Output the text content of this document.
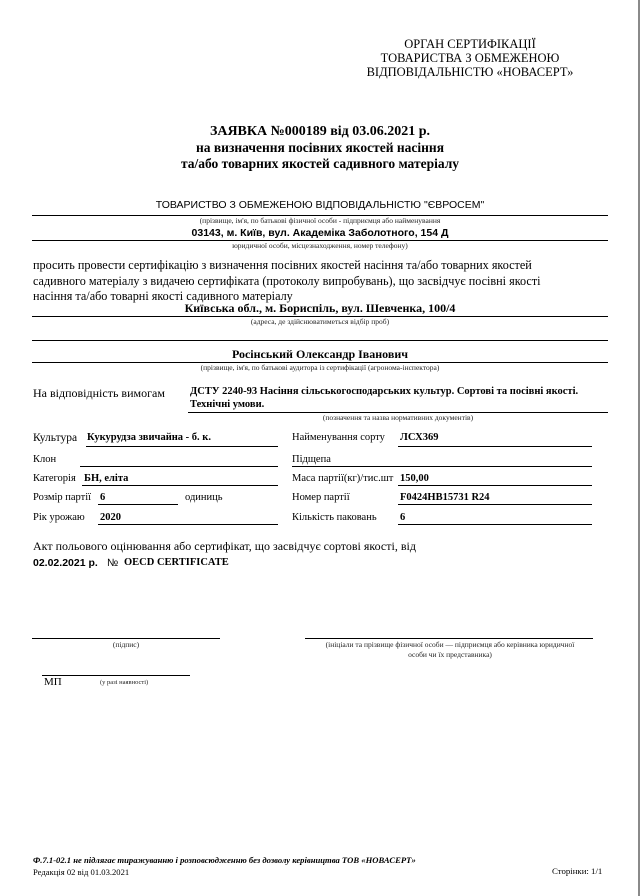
ОРГАН СЕРТИФІКАЦІЇ
ТОВАРИСТВА З ОБМЕЖЕНОЮ
ВІДПОВІДАЛЬНІСТЮ «НОВАСЕРТ»
ЗАЯВКА №000189 від 03.06.2021 р.
на визначення посівних якостей насіння
та/або товарних якостей садивного матеріалу
ТОВАРИСТВО З ОБМЕЖЕНОЮ ВІДПОВІДАЛЬНІСТЮ "ЄВРОСЕМ"
(прізвище, ім'я, по батькові фізичної особи - підприємця або найменування
03143, м. Київ, вул. Академіка Заболотного, 154 Д
юридичної особи, місцезнаходження, номер телефону)
просить провести сертифікацію з визначення посівних якостей насіння та/або товарних якостей
садивного матеріалу з видачею сертифіката (протоколу випробувань), що засвідчує посівні якості
насіння та/або товарні якості садивного матеріалу
Київська обл., м. Бориспіль, вул. Шевченка, 100/4
(адреса, де здійснюватиметься відбір проб)
Росінський Олександр Іванович
(прізвище, ім'я, по батькові аудитора із сертифікації (агронома-інспектора)
На відповідність вимогам ДСТУ 2240-93 Насіння сільськогосподарських культур. Сортові та посівні якості.
Технічні умови.
(позначення та назва нормативних документів)
Культура Кукурудза звичайна - б. к.
Клон
Категорія БН, еліта
Розмір партії 6	одиниць
Рік урожаю 2020
Найменування сорту ЛСХ369
Підщепа
Маса партії(кг)/тис.шт 150,00
Номер партії	F0424HB15731 R24
Кількість паковань 6
Акт польового оцінювання або сертифікат, що засвідчує сортові якості, від
02.02.2021 р. № OECD CERTIFICATE
(підпис)	(ініціали та прізвище фізичної особи — підприємця або керівника юридичної
особи чи їх представника)
МП	(у разі наявності)
Ф.7.1-02.1 не підлягає тиражуванню і розповсюдженню без дозволу керівництва ТОВ «НОВАСЕРТ»
Редакція 02 від 01.03.2021	Сторінки: 1/1
